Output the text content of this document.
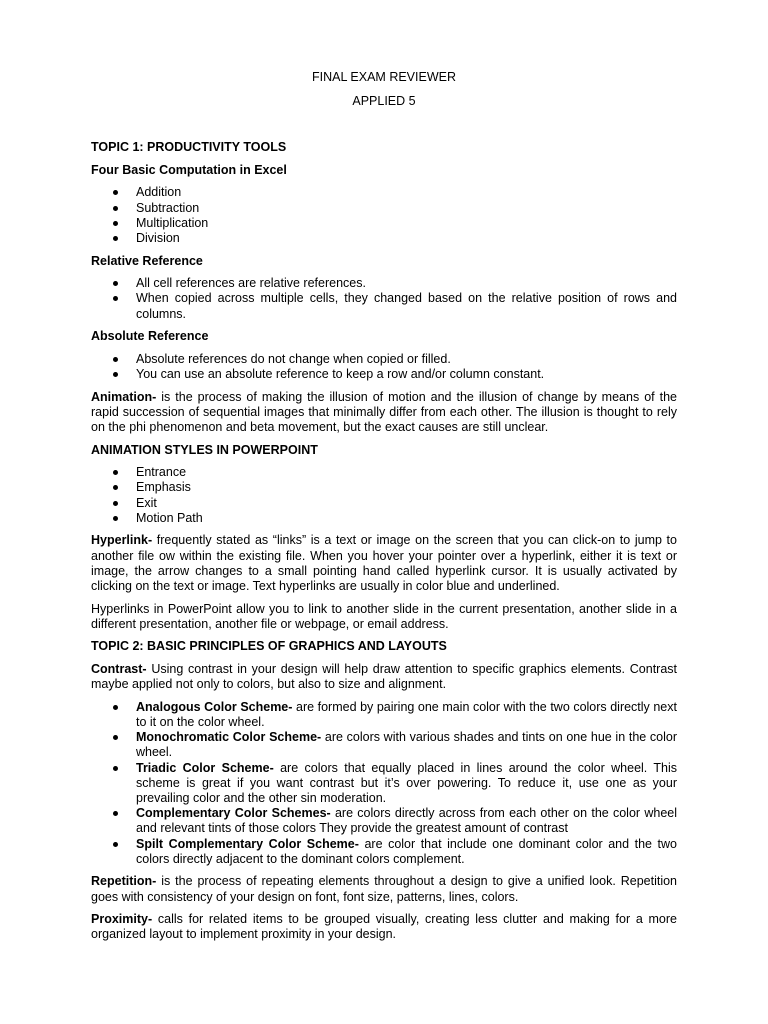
FINAL EXAM REVIEWER
APPLIED 5
TOPIC 1: PRODUCTIVITY TOOLS
Four Basic Computation in Excel
Addition
Subtraction
Multiplication
Division
Relative Reference
All cell references are relative references.
When copied across multiple cells, they changed based on the relative position of rows and columns.
Absolute Reference
Absolute references do not change when copied or filled.
You can use an absolute reference to keep a row and/or column constant.

Animation- is the process of making the illusion of motion and the illusion of change by means of the rapid succession of sequential images that minimally differ from each other. The illusion is thought to rely on the phi phenomenon and beta movement, but the exact causes are still unclear.

ANIMATION STYLES IN POWERPOINT
Entrance
Emphasis
Exit
Motion Path

Hyperlink- frequently stated as “links” is a text or image on the screen that you can click-on to jump to another file ow within the existing file. When you hover your pointer over a hyperlink, either it is text or image, the arrow changes to a small pointing hand called hyperlink cursor. It is usually activated by clicking on the text or image. Text hyperlinks are usually in color blue and underlined.

Hyperlinks in PowerPoint allow you to link to another slide in the current presentation, another slide in a different presentation, another file or webpage, or email address.

TOPIC 2: BASIC PRINCIPLES OF GRAPHICS AND LAYOUTS

Contrast- Using contrast in your design will help draw attention to specific graphics elements. Contrast maybe applied not only to colors, but also to size and alignment.

Analogous Color Scheme- are formed by pairing one main color with the two colors directly next to it on the color wheel.
Monochromatic Color Scheme- are colors with various shades and tints on one hue in the color wheel.
Triadic Color Scheme- are colors that equally placed in lines around the color wheel. This scheme is great if you want contrast but it’s over powering. To reduce it, use one as your prevailing color and the other sin moderation.
Complementary Color Schemes- are colors directly across from each other on the color wheel and relevant tints of those colors They provide the greatest amount of contrast
Spilt Complementary Color Scheme- are color that include one dominant color and the two colors directly adjacent to the dominant colors complement.

Repetition- is the process of repeating elements throughout a design to give a unified look. Repetition goes with consistency of your design on font, font size, patterns, lines, colors.

Proximity- calls for related items to be grouped visually, creating less clutter and making for a more organized layout to implement proximity in your design.
